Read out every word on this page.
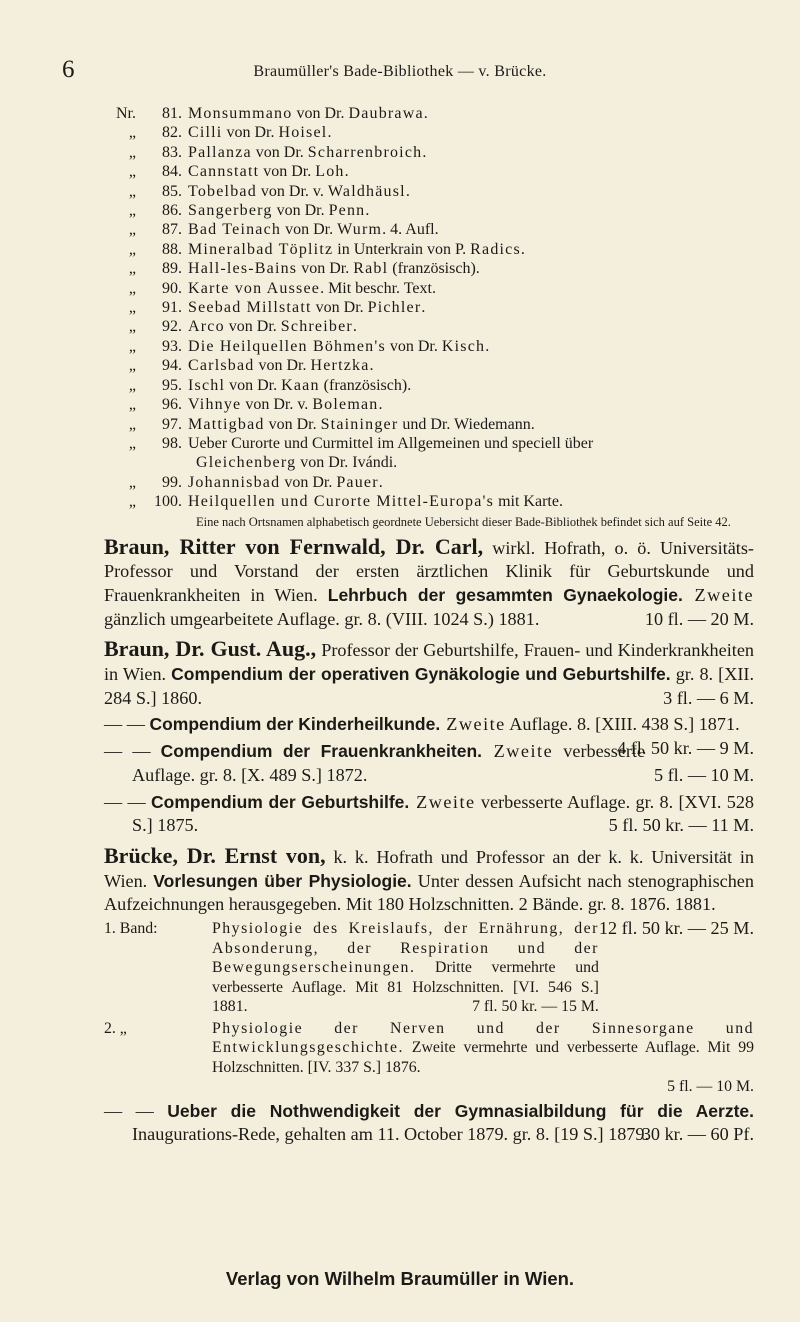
6	Braumüller's Bade-Bibliothek — v. Brücke.
Nr.	81. Monsummano von Dr. Daubrawa.
„	82. Cilli von Dr. Hoisel.
„	83. Pallanza von Dr. Scharrenbroich.
„	84. Cannstatt von Dr. Loh.
„	85. Tobelbad von Dr. v. Waldhäusl.
„	86. Sangerberg von Dr. Penn.
„	87. Bad Teinach von Dr. Wurm. 4. Aufl.
„	88. Mineralbad Töplitz in Unterkrain von P. Radics.
„	89. Hall-les-Bains von Dr. Rabl (französisch).
„	90. Karte von Aussee. Mit beschr. Text.
„	91. Seebad Millstatt von Dr. Pichler.
„	92. Arco von Dr. Schreiber.
„	93. Die Heilquellen Böhmen's von Dr. Kisch.
„	94. Carlsbad von Dr. Hertzka.
„	95. Ischl von Dr. Kaan (französisch).
„	96. Vihnye von Dr. v. Boleman.
„	97. Mattigbad von Dr. Staininger und Dr. Wiedemann.
„	98. Ueber Curorte und Curmittel im Allgemeinen und speciell über
Gleichenberg von Dr. Ivándi.
„	99. Johannisbad von Dr. Pauer.
„	100. Heilquellen und Curorte Mittel-Europa's mit Karte.
Eine nach Ortsnamen alphabetisch geordnete Uebersicht dieser Bade-Bibliothek befindet sich auf Seite 42.
Braun, Ritter von Fernwald, Dr. Carl, wirkl. Hofrath, o. ö. Universitäts-Professor und Vorstand der ersten ärztlichen Klinik für Geburtskunde und Frauenkrankheiten in Wien. Lehrbuch der gesammten Gynaekologie. Zweite gänzlich umgearbeitete Auflage. gr. 8. (VIII. 1024 S.) 1881.	10 fl. — 20 M.
Braun, Dr. Gust. Aug., Professor der Geburtshilfe, Frauen- und Kinderkrankheiten in Wien. Compendium der operativen Gynäkologie und Geburtshilfe. gr. 8. [XII. 284 S.] 1860.	3 fl. — 6 M.
— — Compendium der Kinderheilkunde. Zweite Auflage. 8. [XIII. 438 S.] 1871.
4 fl. 50 kr. — 9 M.
— — Compendium der Frauenkrankheiten. Zweite verbesserte Auflage. gr. 8. [X. 489 S.] 1872.	5 fl. — 10 M.
— — Compendium der Geburtshilfe. Zweite verbesserte Auflage. gr. 8. [XVI. 528 S.] 1875.	5 fl. 50 kr. — 11 M.
Brücke, Dr. Ernst von, k. k. Hofrath und Professor an der k. k. Universität in Wien. Vorlesungen über Physiologie. Unter dessen Aufsicht nach stenographischen Aufzeichnungen herausgegeben. Mit 180 Holzschnitten. 2 Bände. gr. 8. 1876. 1881.
12 fl. 50 kr. — 25 M.
1. Band:	Physiologie des Kreislaufs, der Ernährung, der Absonderung, der Respiration und der Bewegungserscheinungen. Dritte vermehrte und verbesserte Auflage. Mit 81 Holzschnitten. [VI. 546 S.] 1881.	7 fl. 50 kr. — 15 M.
2. „	Physiologie der Nerven und der Sinnesorgane und Entwicklungsgeschichte. Zweite vermehrte und verbesserte Auflage. Mit 99 Holzschnitten. [IV. 337 S.] 1876.
5 fl. — 10 M.
— — Ueber die Nothwendigkeit der Gymnasialbildung für die Aerzte. Inaugurations-Rede, gehalten am 11. October 1879. gr. 8. [19 S.] 1879.
30 kr. — 60 Pf.
Verlag von Wilhelm Braumüller in Wien.
